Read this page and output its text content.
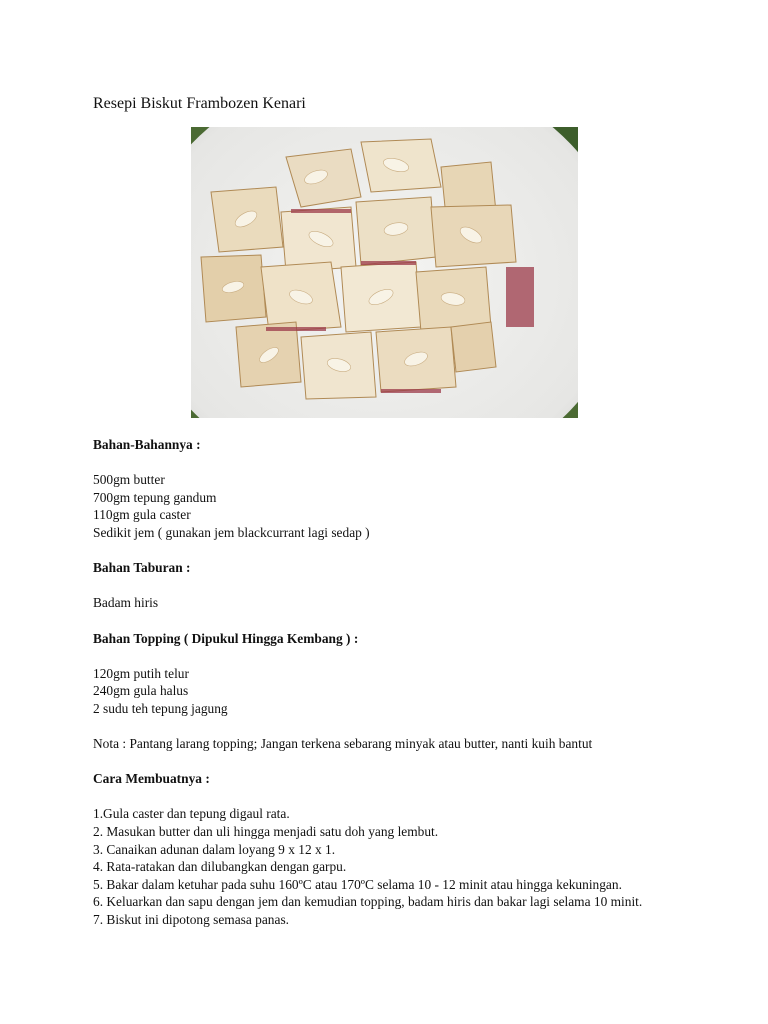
Resepi Biskut Frambozen Kenari

Bahan-Bahannya :

500gm butter

700gm tepung gandum

110gm gula caster

Sedikit jem ( gunakan jem blackcurrant lagi sedap )

Bahan Taburan :

Badam hiris

Bahan Topping ( Dipukul Hingga Kembang ) :

120gm putih telur

240gm gula halus

2 sudu teh tepung jagung

Nota : Pantang larang topping; Jangan terkena sebarang minyak atau butter, nanti kuih bantut

Cara Membuatnya :

1.Gula caster dan tepung digaul rata.

2. Masukan butter dan uli hingga menjadi satu doh yang lembut.

3. Canaikan adunan dalam loyang 9 x 12 x 1.

4. Rata-ratakan dan dilubangkan dengan garpu.

5. Bakar dalam ketuhar pada suhu 160ºC atau 170ºC selama 10 - 12 minit atau hingga kekuningan.

6. Keluarkan dan sapu dengan jem dan kemudian topping, badam hiris dan bakar lagi selama 10 minit.

7. Biskut ini dipotong semasa panas.
